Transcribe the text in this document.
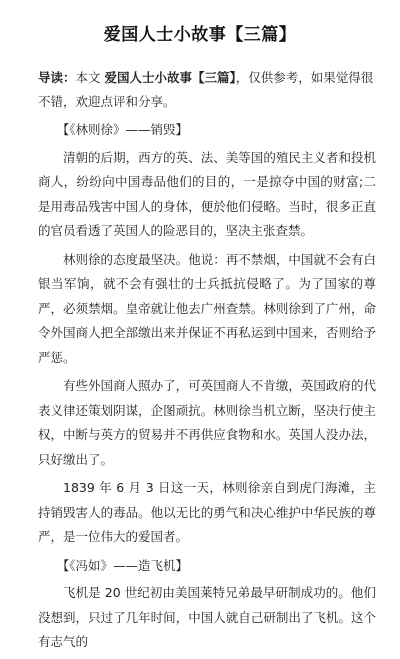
爱国人士小故事【三篇】
导读：本文 爱国人士小故事【三篇】，仅供参考，如果觉得很不错，欢迎点评和分享。

【《林则徐》——销毁】

清朝的后期，西方的英、法、美等国的殖民主义者和投机商人，纷纷向中国毒品他们的目的，一是掠夺中国的财富;二是用毒品残害中国人的身体，便於他们侵略。当时，很多正直的官员看透了英国人的险恶目的，坚决主张查禁。

林则徐的态度最坚决。他说：再不禁烟，中国就不会有白银当军饷，就不会有强壮的士兵抵抗侵略了。为了国家的尊严，必须禁烟。皇帝就让他去广州查禁。林则徐到了广州，命令外国商人把全部缴出来并保证不再私运到中国来，否则给予严惩。

有些外国商人照办了，可英国商人不肯缴，英国政府的代表义律还策划阴谋，企图顽抗。林则徐当机立断，坚决行使主权，中断与英方的贸易并不再供应食物和水。英国人没办法，只好缴出了。

1839 年 6 月 3 日这一天，林则徐亲自到虎门海滩，主持销毁害人的毒品。他以无比的勇气和决心维护中华民族的尊严，是一位伟大的爱国者。

【《冯如》——造飞机】

飞机是 20 世纪初由美国莱特兄弟最早研制成功的。他们没想到，只过了几年时间，中国人就自己研制出了飞机。这个有志气的
